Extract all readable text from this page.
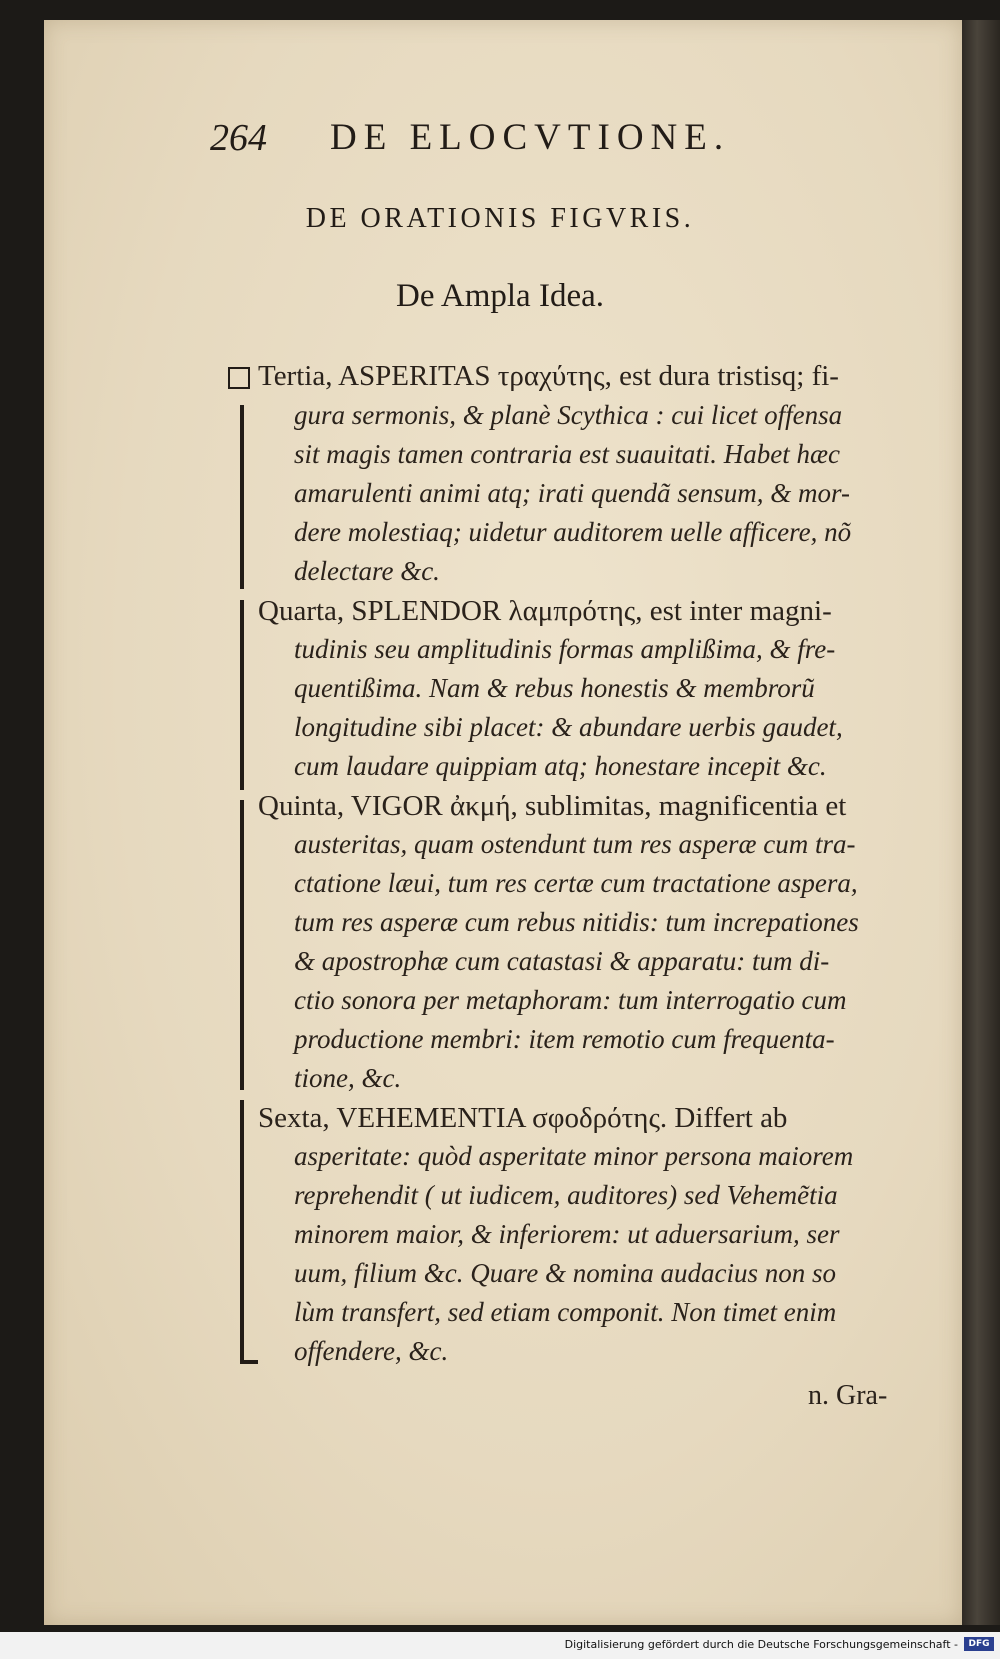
264 DE ELOCVTIONE.
DE ORATIONIS FIGVRIS.
De Ampla Idea.
Tertia, ASPERITAS τραχύτης, est dura tristisq; fi-
gura sermonis, & planè Scythica : cui licet offensa
sit magis tamen contraria est suauitati. Habet hæc
amarulenti animi atq; irati quendã sensum, & mor-
dere molestiaq; uidetur auditorem uelle afficere, nõ
delectare &c.
Quarta, SPLENDOR λαμπρότης, est inter magni-
tudinis seu amplitudinis formas amplißima, & fre-
quentißima. Nam & rebus honestis & membrorũ
longitudine sibi placet: & abundare uerbis gaudet,
cum laudare quippiam atq; honestare incepit &c.
Quinta, VIGOR ἀκμή, sublimitas, magnificentia et
austeritas, quam ostendunt tum res asperæ cum tra-
ctatione læui, tum res certæ cum tractatione aspera,
tum res asperæ cum rebus nitidis: tum increpationes
& apostrophæ cum catastasi & apparatu: tum di-
ctio sonora per metaphoram: tum interrogatio cum
productione membri: item remotio cum frequenta-
tione, &c.
Sexta, VEHEMENTIA σφοδρότης. Differt ab
asperitate: quòd asperitate minor persona maiorem
reprehendit ( ut iudicem, auditores) sed Vehemẽtia
minorem maior, & inferiorem: ut aduersarium, ser
uum, filium &c. Quare & nomina audacius non so
lùm transfert, sed etiam componit. Non timet enim
offendere, &c.
n. Gra-
Digitalisierung gefördert durch die Deutsche Forschungsgemeinschaft -	DFG
